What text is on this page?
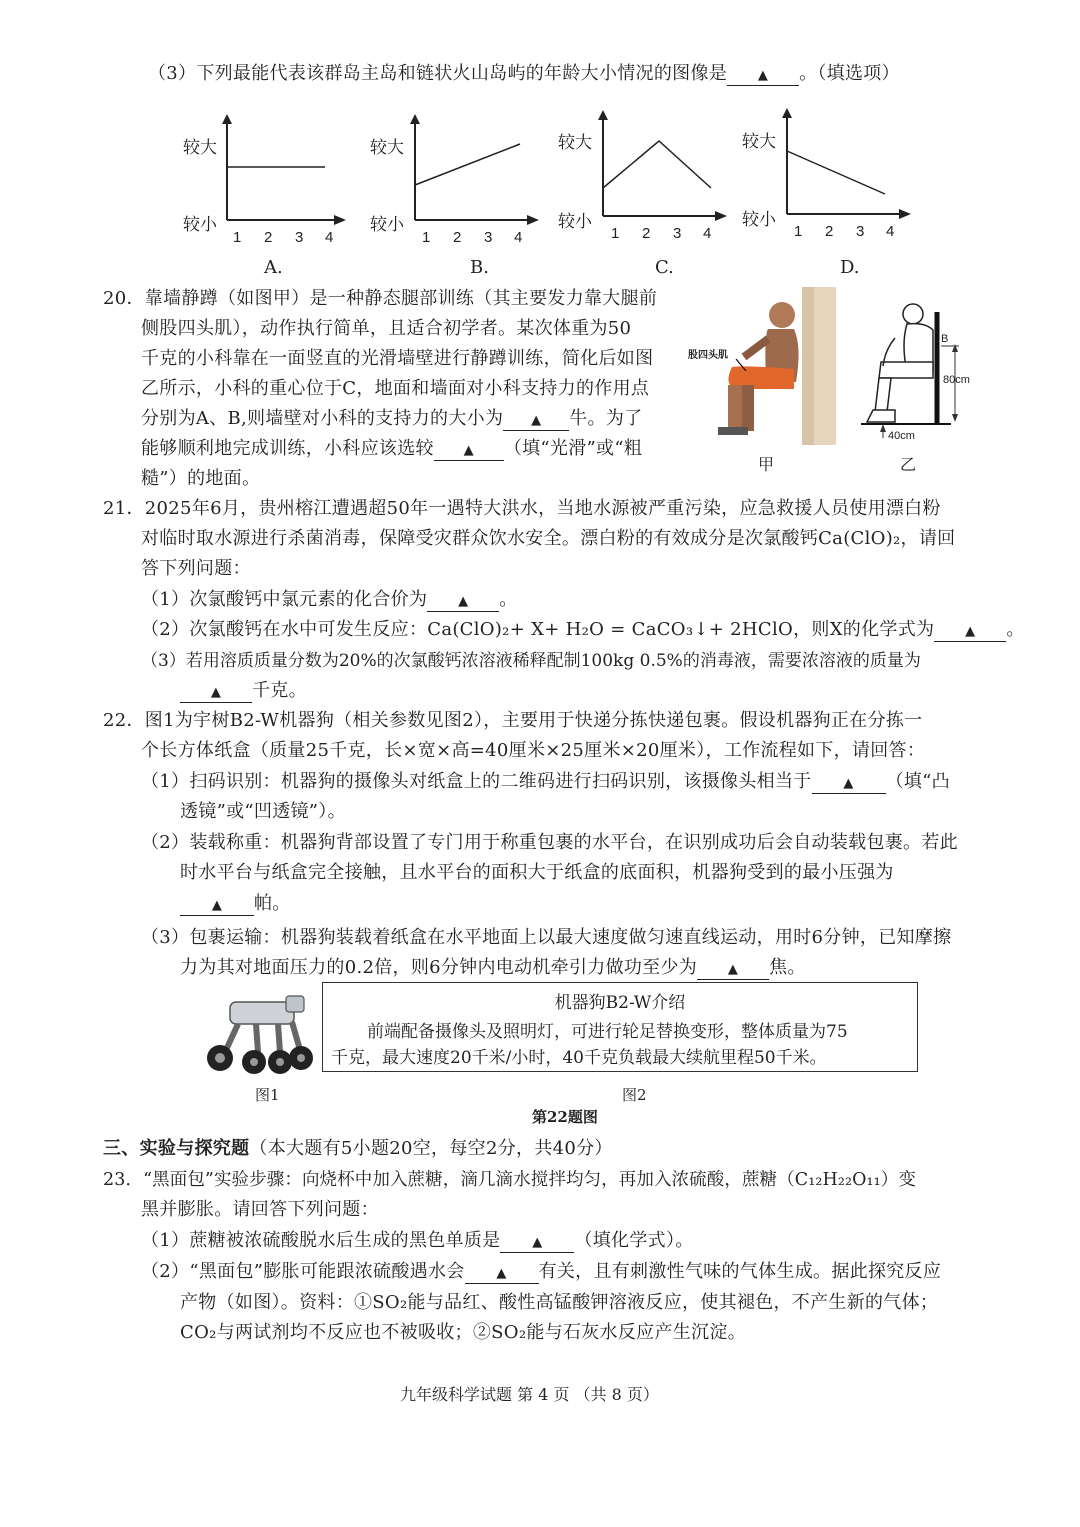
（3）下列最能代表该群岛主岛和链状火山岛屿的年龄大小情况的图像是 ▲ 。（填选项）
较大
较小
1 2 3 4
A.
较大
较小
1 2 3 4
B.
较大
较小
1 2 3 4
C.
较大
较小
1 2 3 4
D.
20．靠墙静蹲（如图甲）是一种静态腿部训练（其主要发力靠大腿前
侧股四头肌），动作执行简单，且适合初学者。某次体重为50
千克的小科靠在一面竖直的光滑墙壁进行静蹲训练，简化后如图
乙所示，小科的重心位于C，地面和墙面对小科支持力的作用点
分别为A、B,则墙壁对小科的支持力的大小为 ▲ 牛。为了
能够顺利地完成训练，小科应该选较 ▲ （填“光滑”或“粗
糙”）的地面。
股四头肌
甲
B
80cm
40cm
乙
21．2025年6月，贵州榕江遭遇超50年一遇特大洪水，当地水源被严重污染，应急救援人员使用漂白粉
对临时取水源进行杀菌消毒，保障受灾群众饮水安全。漂白粉的有效成分是次氯酸钙Ca(ClO)₂，请回
答下列问题：
（1）次氯酸钙中氯元素的化合价为 ▲ 。
（2）次氯酸钙在水中可发生反应：Ca(ClO)₂+ X+ H₂O = CaCO₃↓+ 2HClO，则X的化学式为 ▲ 。
（3）若用溶质质量分数为20%的次氯酸钙浓溶液稀释配制100kg 0.5%的消毒液，需要浓溶液的质量为
▲ 千克。
22．图1为宇树B2-W机器狗（相关参数见图2），主要用于快递分拣快递包裹。假设机器狗正在分拣一
个长方体纸盒（质量25千克，长×宽×高=40厘米×25厘米×20厘米），工作流程如下，请回答：
（1）扫码识别：机器狗的摄像头对纸盒上的二维码进行扫码识别，该摄像头相当于 ▲ （填“凸
透镜”或“凹透镜”）。
（2）装载称重：机器狗背部设置了专门用于称重包裹的水平台，在识别成功后会自动装载包裹。若此
时水平台与纸盒完全接触，且水平台的面积大于纸盒的底面积，机器狗受到的最小压强为
▲ 帕。
（3）包裹运输：机器狗装载着纸盒在水平地面上以最大速度做匀速直线运动，用时6分钟，已知摩擦
力为其对地面压力的0.2倍，则6分钟内电动机牵引力做功至少为 ▲ 焦。
机器狗B2-W介绍
前端配备摄像头及照明灯，可进行轮足替换变形，整体质量为75
千克，最大速度20千米/小时，40千克负载最大续航里程50千米。
图1	图2
第22题图
三、实验与探究题（本大题有5小题20空，每空2分，共40分）
23．“黑面包”实验步骤：向烧杯中加入蔗糖，滴几滴水搅拌均匀，再加入浓硫酸，蔗糖（C₁₂H₂₂O₁₁）变
黑并膨胀。请回答下列问题：
（1）蔗糖被浓硫酸脱水后生成的黑色单质是 ▲ （填化学式）。
（2）“黑面包”膨胀可能跟浓硫酸遇水会 ▲ 有关，且有刺激性气味的气体生成。据此探究反应
产物（如图）。资料：①SO₂能与品红、酸性高锰酸钾溶液反应，使其褪色，不产生新的气体；
CO₂与两试剂均不反应也不被吸收；②SO₂能与石灰水反应产生沉淀。
九年级科学试题 第 4 页 （共 8 页）
